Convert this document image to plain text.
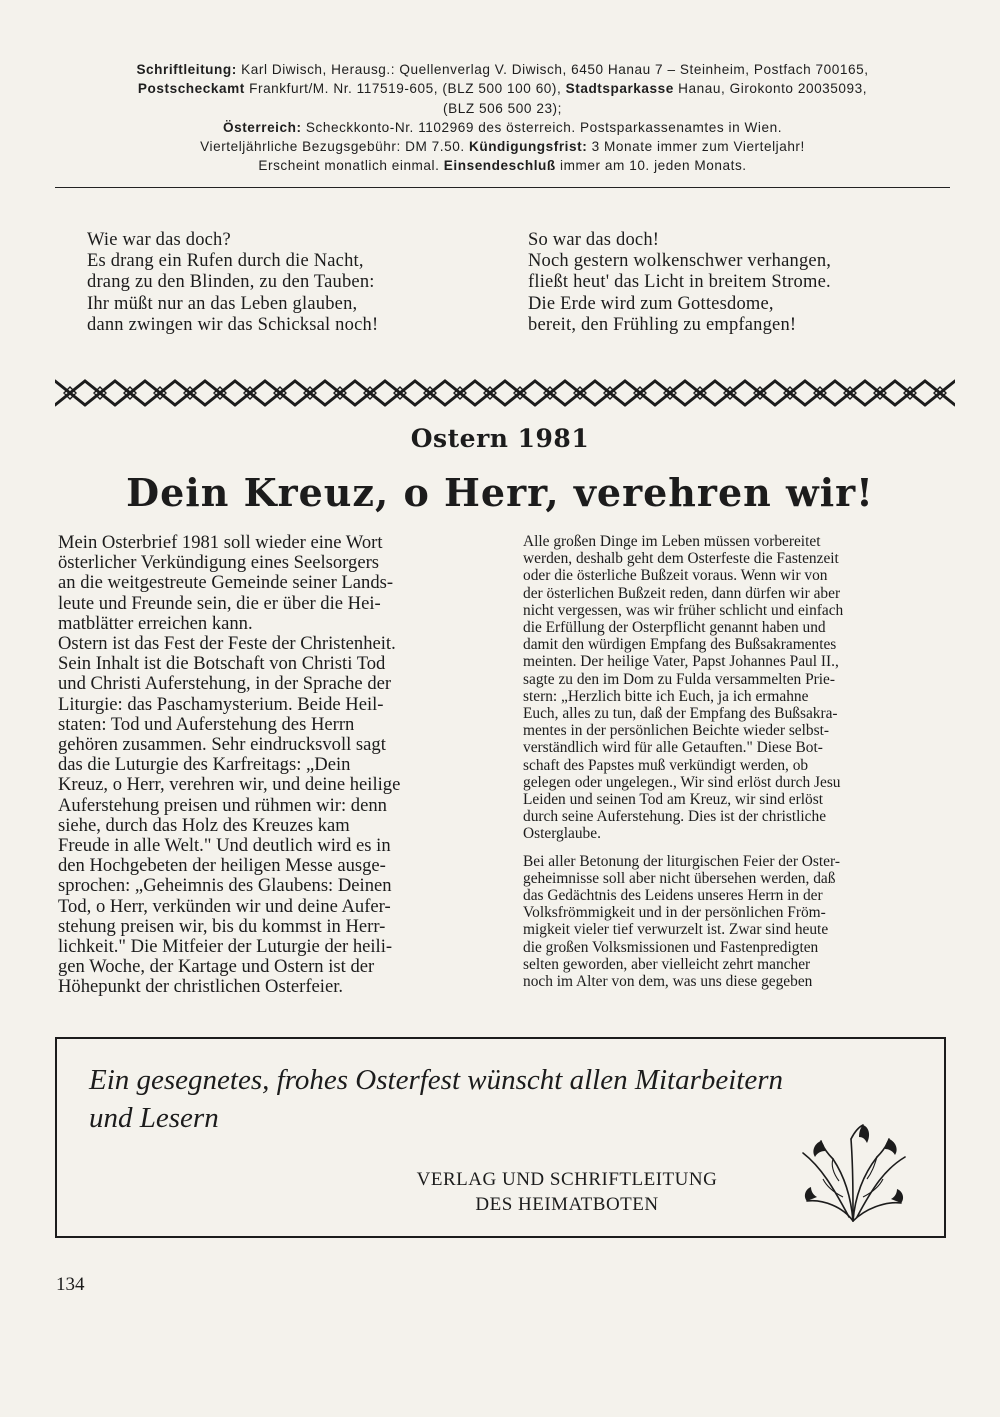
Schriftleitung: Karl Diwisch, Herausg.: Quellenverlag V. Diwisch, 6450 Hanau 7 – Steinheim, Postfach 700165,

Postscheckamt Frankfurt/M. Nr. 117519-605, (BLZ 500 100 60), Stadtsparkasse Hanau, Girokonto 20035093,

(BLZ 506 500 23);

Österreich: Scheckkonto-Nr. 1102969 des österreich. Postsparkassenamtes in Wien.

Vierteljährliche Bezugsgebühr: DM 7.50. Kündigungsfrist: 3 Monate immer zum Vierteljahr!

Erscheint monatlich einmal. Einsendeschluß immer am 10. jeden Monats.

Wie war das doch?
Es drang ein Rufen durch die Nacht,
drang zu den Blinden, zu den Tauben:
Ihr müßt nur an das Leben glauben,
dann zwingen wir das Schicksal noch!
So war das doch!
Noch gestern wolkenschwer verhangen,
fließt heut' das Licht in breitem Strome.
Die Erde wird zum Gottesdome,
bereit, den Frühling zu empfangen!
Ostern 1981
Dein Kreuz, o Herr, verehren wir!
Mein Osterbrief 1981 soll wieder eine Wort
österlicher Verkündigung eines Seelsorgers
an die weitgestreute Gemeinde seiner Lands-
leute und Freunde sein, die er über die Hei-
matblätter erreichen kann.
Ostern ist das Fest der Feste der Christenheit.
Sein Inhalt ist die Botschaft von Christi Tod
und Christi Auferstehung, in der Sprache der
Liturgie: das Paschamysterium. Beide Heil-
staten: Tod und Auferstehung des Herrn
gehören zusammen. Sehr eindrucksvoll sagt
das die Luturgie des Karfreitags: „Dein
Kreuz, o Herr, verehren wir, und deine heilige
Auferstehung preisen und rühmen wir: denn
siehe, durch das Holz des Kreuzes kam
Freude in alle Welt." Und deutlich wird es in
den Hochgebeten der heiligen Messe ausge-
sprochen: „Geheimnis des Glaubens: Deinen
Tod, o Herr, verkünden wir und deine Aufer-
stehung preisen wir, bis du kommst in Herr-
lichkeit." Die Mitfeier der Luturgie der heili-
gen Woche, der Kartage und Ostern ist der
Höhepunkt der christlichen Osterfeier.
Alle großen Dinge im Leben müssen vorbereitet
werden, deshalb geht dem Osterfeste die Fastenzeit
oder die österliche Bußzeit voraus. Wenn wir von
der österlichen Bußzeit reden, dann dürfen wir aber
nicht vergessen, was wir früher schlicht und einfach
die Erfüllung der Osterpflicht genannt haben und
damit den würdigen Empfang des Bußsakramentes
meinten. Der heilige Vater, Papst Johannes Paul II.,
sagte zu den im Dom zu Fulda versammelten Prie-
stern: „Herzlich bitte ich Euch, ja ich ermahne
Euch, alles zu tun, daß der Empfang des Bußsakra-
mentes in der persönlichen Beichte wieder selbst-
verständlich wird für alle Getauften." Diese Bot-
schaft des Papstes muß verkündigt werden, ob
gelegen oder ungelegen., Wir sind erlöst durch Jesu
Leiden und seinen Tod am Kreuz, wir sind erlöst
durch seine Auferstehung. Dies ist der christliche
Osterglaube.
Bei aller Betonung der liturgischen Feier der Oster-
geheimnisse soll aber nicht übersehen werden, daß
das Gedächtnis des Leidens unseres Herrn in der
Volksfrömmigkeit und in der persönlichen Fröm-
migkeit vieler tief verwurzelt ist. Zwar sind heute
die großen Volksmissionen und Fastenpredigten
selten geworden, aber vielleicht zehrt mancher
noch im Alter von dem, was uns diese gegeben
Ein gesegnetes, frohes Osterfest wünscht allen Mitarbeitern
und Lesern
VERLAG UND SCHRIFTLEITUNG
DES HEIMATBOTEN
134
